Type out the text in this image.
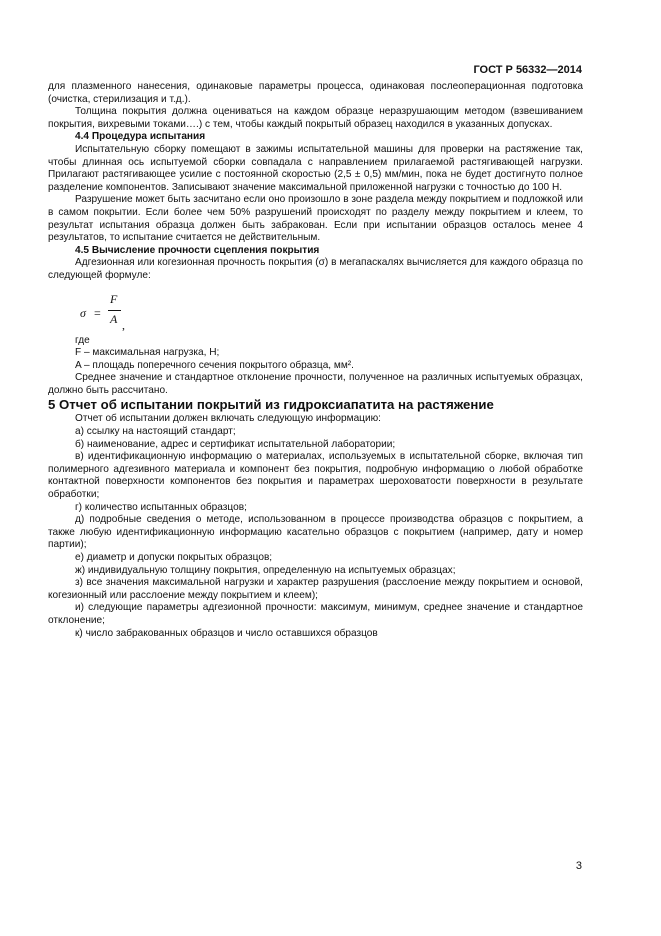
ГОСТ Р 56332—2014

для плазменного нанесения, одинаковые параметры процесса, одинаковая послеоперационная подготовка (очистка, стерилизация и т.д.).

Толщина покрытия должна оцениваться на каждом образце неразрушающим методом (взвешиванием покрытия, вихревыми токами….) с тем, чтобы каждый покрытый образец находился в указанных допусках.

4.4 Процедура испытания

Испытательную сборку помещают в зажимы испытательной машины для проверки на растяжение так, чтобы длинная ось испытуемой сборки совпадала с направлением прилагаемой растягивающей нагрузки. Прилагают растягивающее усилие с постоянной скоростью (2,5 ± 0,5) мм/мин, пока не будет достигнуто полное разделение компонентов. Записывают значение максимальной приложенной нагрузки с точностью до 100 Н.

Разрушение может быть засчитано если оно произошло в зоне раздела между покрытием и подложкой или в самом покрытии. Если более чем 50% разрушений происходят по разделу между покрытием и клеем, то результат испытания образца должен быть забракован. Если при испытании образцов осталось менее 4 результатов, то испытание считается не действительным.

4.5 Вычисление прочности сцепления покрытия

Адгезионная или когезионная прочность покрытия (σ) в мегапаскалях вычисляется для каждого образца по следующей формуле:

σ =
F
A ,

где

F – максимальная нагрузка, Н;

A – площадь поперечного сечения покрытого образца, мм².

Среднее значение и стандартное отклонение прочности, полученное на различных испытуемых образцах, должно быть рассчитано.

5 Отчет об испытании покрытий из гидроксиапатита на растяжение

Отчет об испытании должен включать следующую информацию:

а) ссылку на настоящий стандарт;

б) наименование, адрес и сертификат испытательной лаборатории;

в) идентификационную информацию о материалах, используемых в испытательной сборке, включая тип полимерного адгезивного материала и компонент без покрытия, подробную информацию о любой обработке контактной поверхности компонентов без покрытия и параметрах шероховатости поверхности в результате обработки;

г) количество испытанных образцов;

д) подробные сведения о методе, использованном в процессе производства образцов с покрытием, а также любую идентификационную информацию касательно образцов с покрытием (например, дату и номер партии);

е) диаметр и допуски покрытых образцов;

ж) индивидуальную толщину покрытия, определенную на испытуемых образцах;

з) все значения максимальной нагрузки и характер разрушения (расслоение между покрытием и основой, когезионный или расслоение между покрытием и клеем);

и) следующие параметры адгезионной прочности: максимум, минимум, среднее значение и стандартное отклонение;

к) число забракованных образцов и число оставшихся образцов

3
